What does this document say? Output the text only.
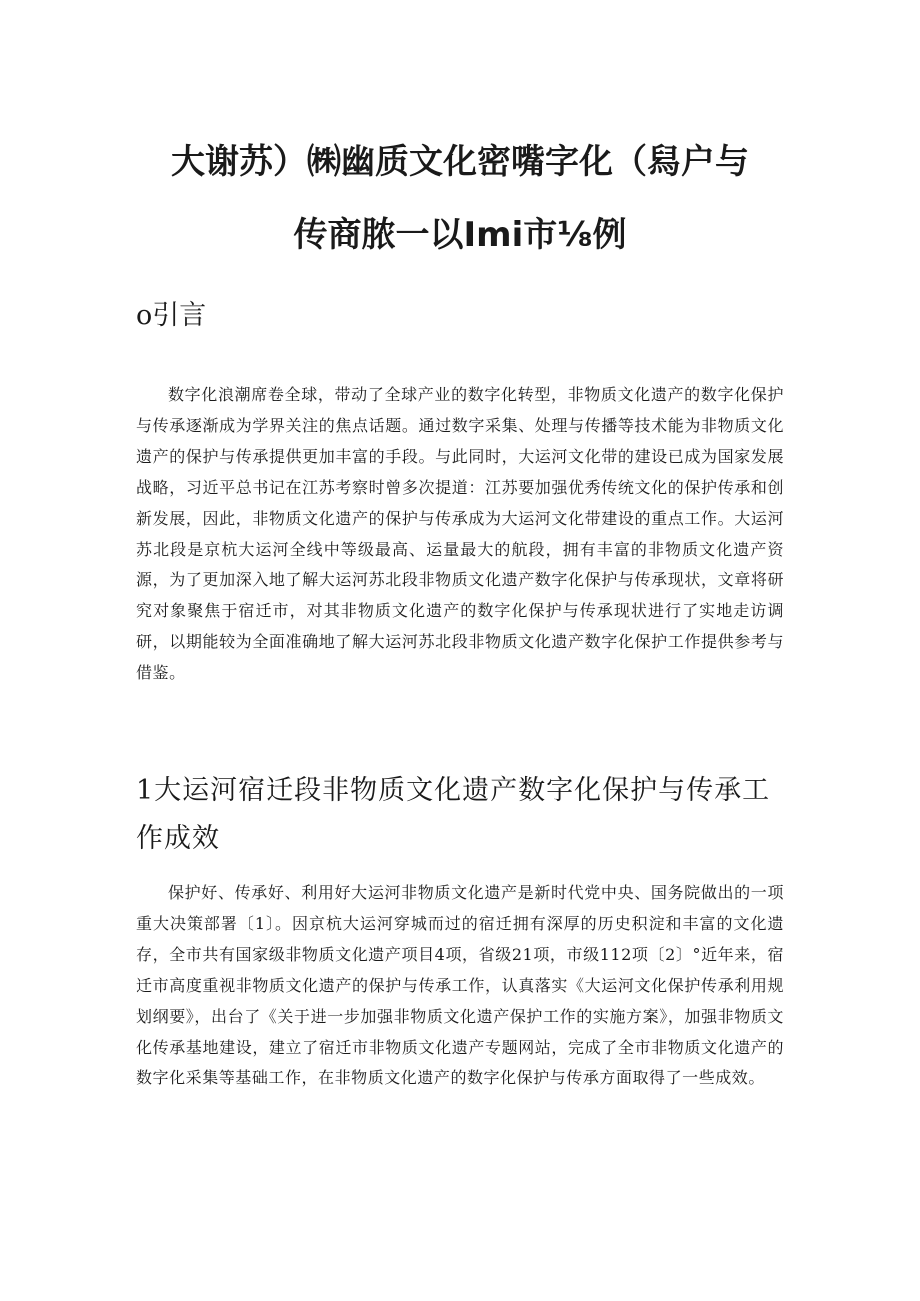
大谢苏）㈱幽质文化密嘴字化（舄户与
传商脓一以Imi市⅛例
o引言

数字化浪潮席卷全球，带动了全球产业的数字化转型，非物质文化遗产的数字化保护与传承逐渐成为学界关注的焦点话题。通过数字采集、处理与传播等技术能为非物质文化遗产的保护与传承提供更加丰富的手段。与此同时，大运河文化带的建设已成为国家发展战略，习近平总书记在江苏考察时曾多次提道：江苏要加强优秀传统文化的保护传承和创新发展，因此，非物质文化遗产的保护与传承成为大运河文化带建设的重点工作。大运河苏北段是京杭大运河全线中等级最高、运量最大的航段，拥有丰富的非物质文化遗产资源，为了更加深入地了解大运河苏北段非物质文化遗产数字化保护与传承现状，文章将研究对象聚焦于宿迁市，对其非物质文化遗产的数字化保护与传承现状进行了实地走访调研，以期能较为全面准确地了解大运河苏北段非物质文化遗产数字化保护工作提供参考与借鉴。

1大运河宿迁段非物质文化遗产数字化保护与传承工作成效

保护好、传承好、利用好大运河非物质文化遗产是新时代党中央、国务院做出的一项重大决策部署〔1〕。因京杭大运河穿城而过的宿迁拥有深厚的历史积淀和丰富的文化遗存，全市共有国家级非物质文化遗产项目4项，省级21项，市级112项〔2〕°近年来，宿迁市高度重视非物质文化遗产的保护与传承工作，认真落实《大运河文化保护传承利用规划纲要》，出台了《关于进一步加强非物质文化遗产保护工作的实施方案》，加强非物质文化传承基地建设，建立了宿迁市非物质文化遗产专题网站，完成了全市非物质文化遗产的数字化采集等基础工作，在非物质文化遗产的数字化保护与传承方面取得了一些成效。
